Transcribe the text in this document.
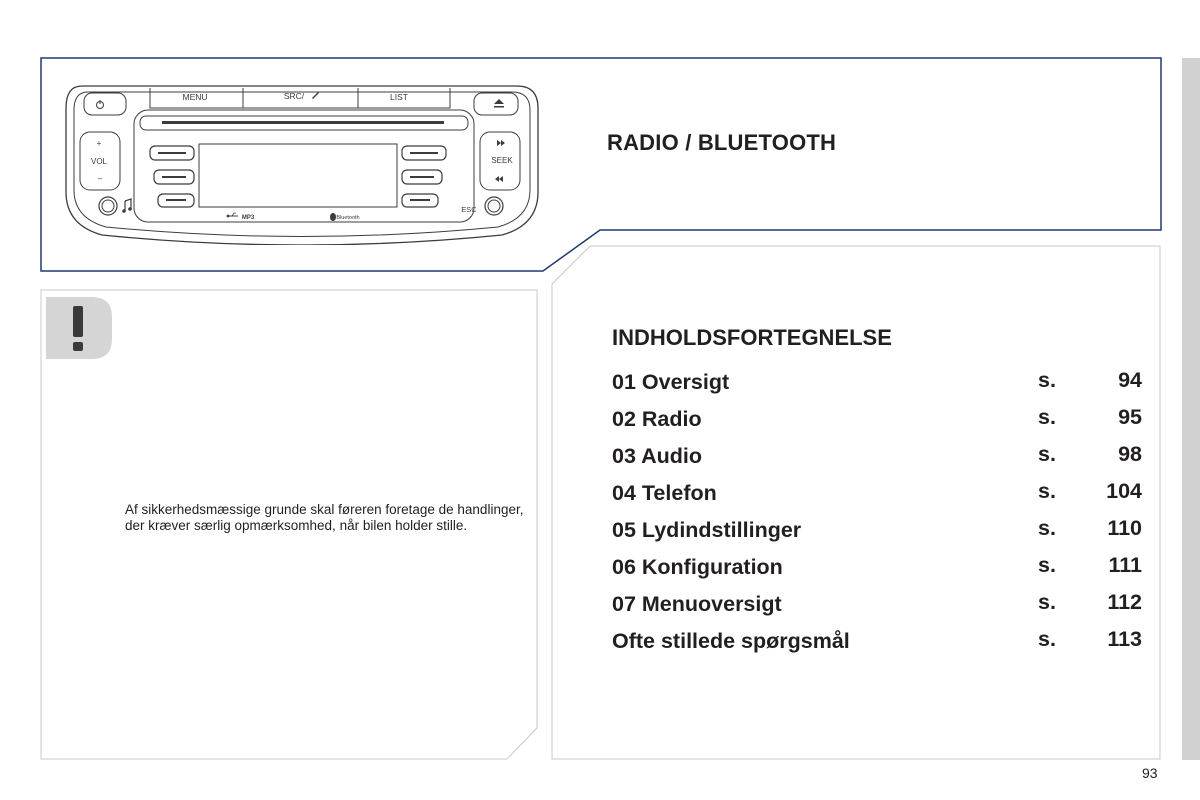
MENU	SRC/	LIST
+
VOL
–
SEEK
ESC
MP3	Bluetooth
RADIO / BLUETOOTH
Af sikkerhedsmæssige grunde skal føreren foretage de handlinger, der kræver særlig opmærksomhed, når bilen holder stille.
INDHOLDSFORTEGNELSE
01 Oversigt	s.	94
02 Radio	s.	95
03 Audio	s.	98
04 Telefon	s. 104
05 Lydindstillinger	s. 110
06 Konfiguration	s. 111
07 Menuoversigt	s. 112
Ofte stillede spørgsmål	s. 113
93
